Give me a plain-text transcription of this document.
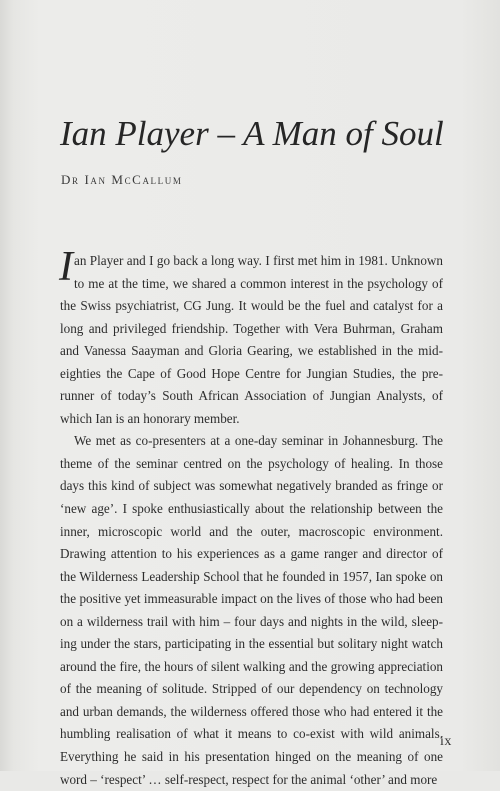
Ian Player – A Man of Soul
Dr Ian McCallum

Ian Player and I go back a long way. I first met him in 1981. Unknown to me at the time, we shared a common interest in the psychology of the Swiss psychiatrist, CG Jung. It would be the fuel and catalyst for a long and privileged friendship. Together with Vera Buhrman, Graham and Vanessa Saayman and Gloria Gearing, we established in the mid-eighties the Cape of Good Hope Centre for Jungian Studies, the pre-runner of today’s South African Association of Jungian Analysts, of which Ian is an honorary member.

We met as co-presenters at a one-day seminar in Johannesburg. The theme of the seminar centred on the psychology of healing. In those days this kind of subject was somewhat negatively branded as fringe or ‘new age’. I spoke enthusiastically about the relationship between the inner, microscopic world and the outer, macroscopic environment. Drawing attention to his experiences as a game ranger and director of the Wilderness Leadership School that he founded in 1957, Ian spoke on the positive yet immeasurable impact on the lives of those who had been on a wilderness trail with him – four days and nights in the wild, sleep-ing under the stars, participating in the essential but solitary night watch around the fire, the hours of silent walking and the growing appreciation of the meaning of solitude. Stripped of our dependency on technology and urban demands, the wilderness offered those who had entered it the humbling realisation of what it means to co-exist with wild animals. Everything he said in his presentation hinged on the meaning of one word – ‘respect’ … self-respect, respect for the animal ‘other’ and more

ix
